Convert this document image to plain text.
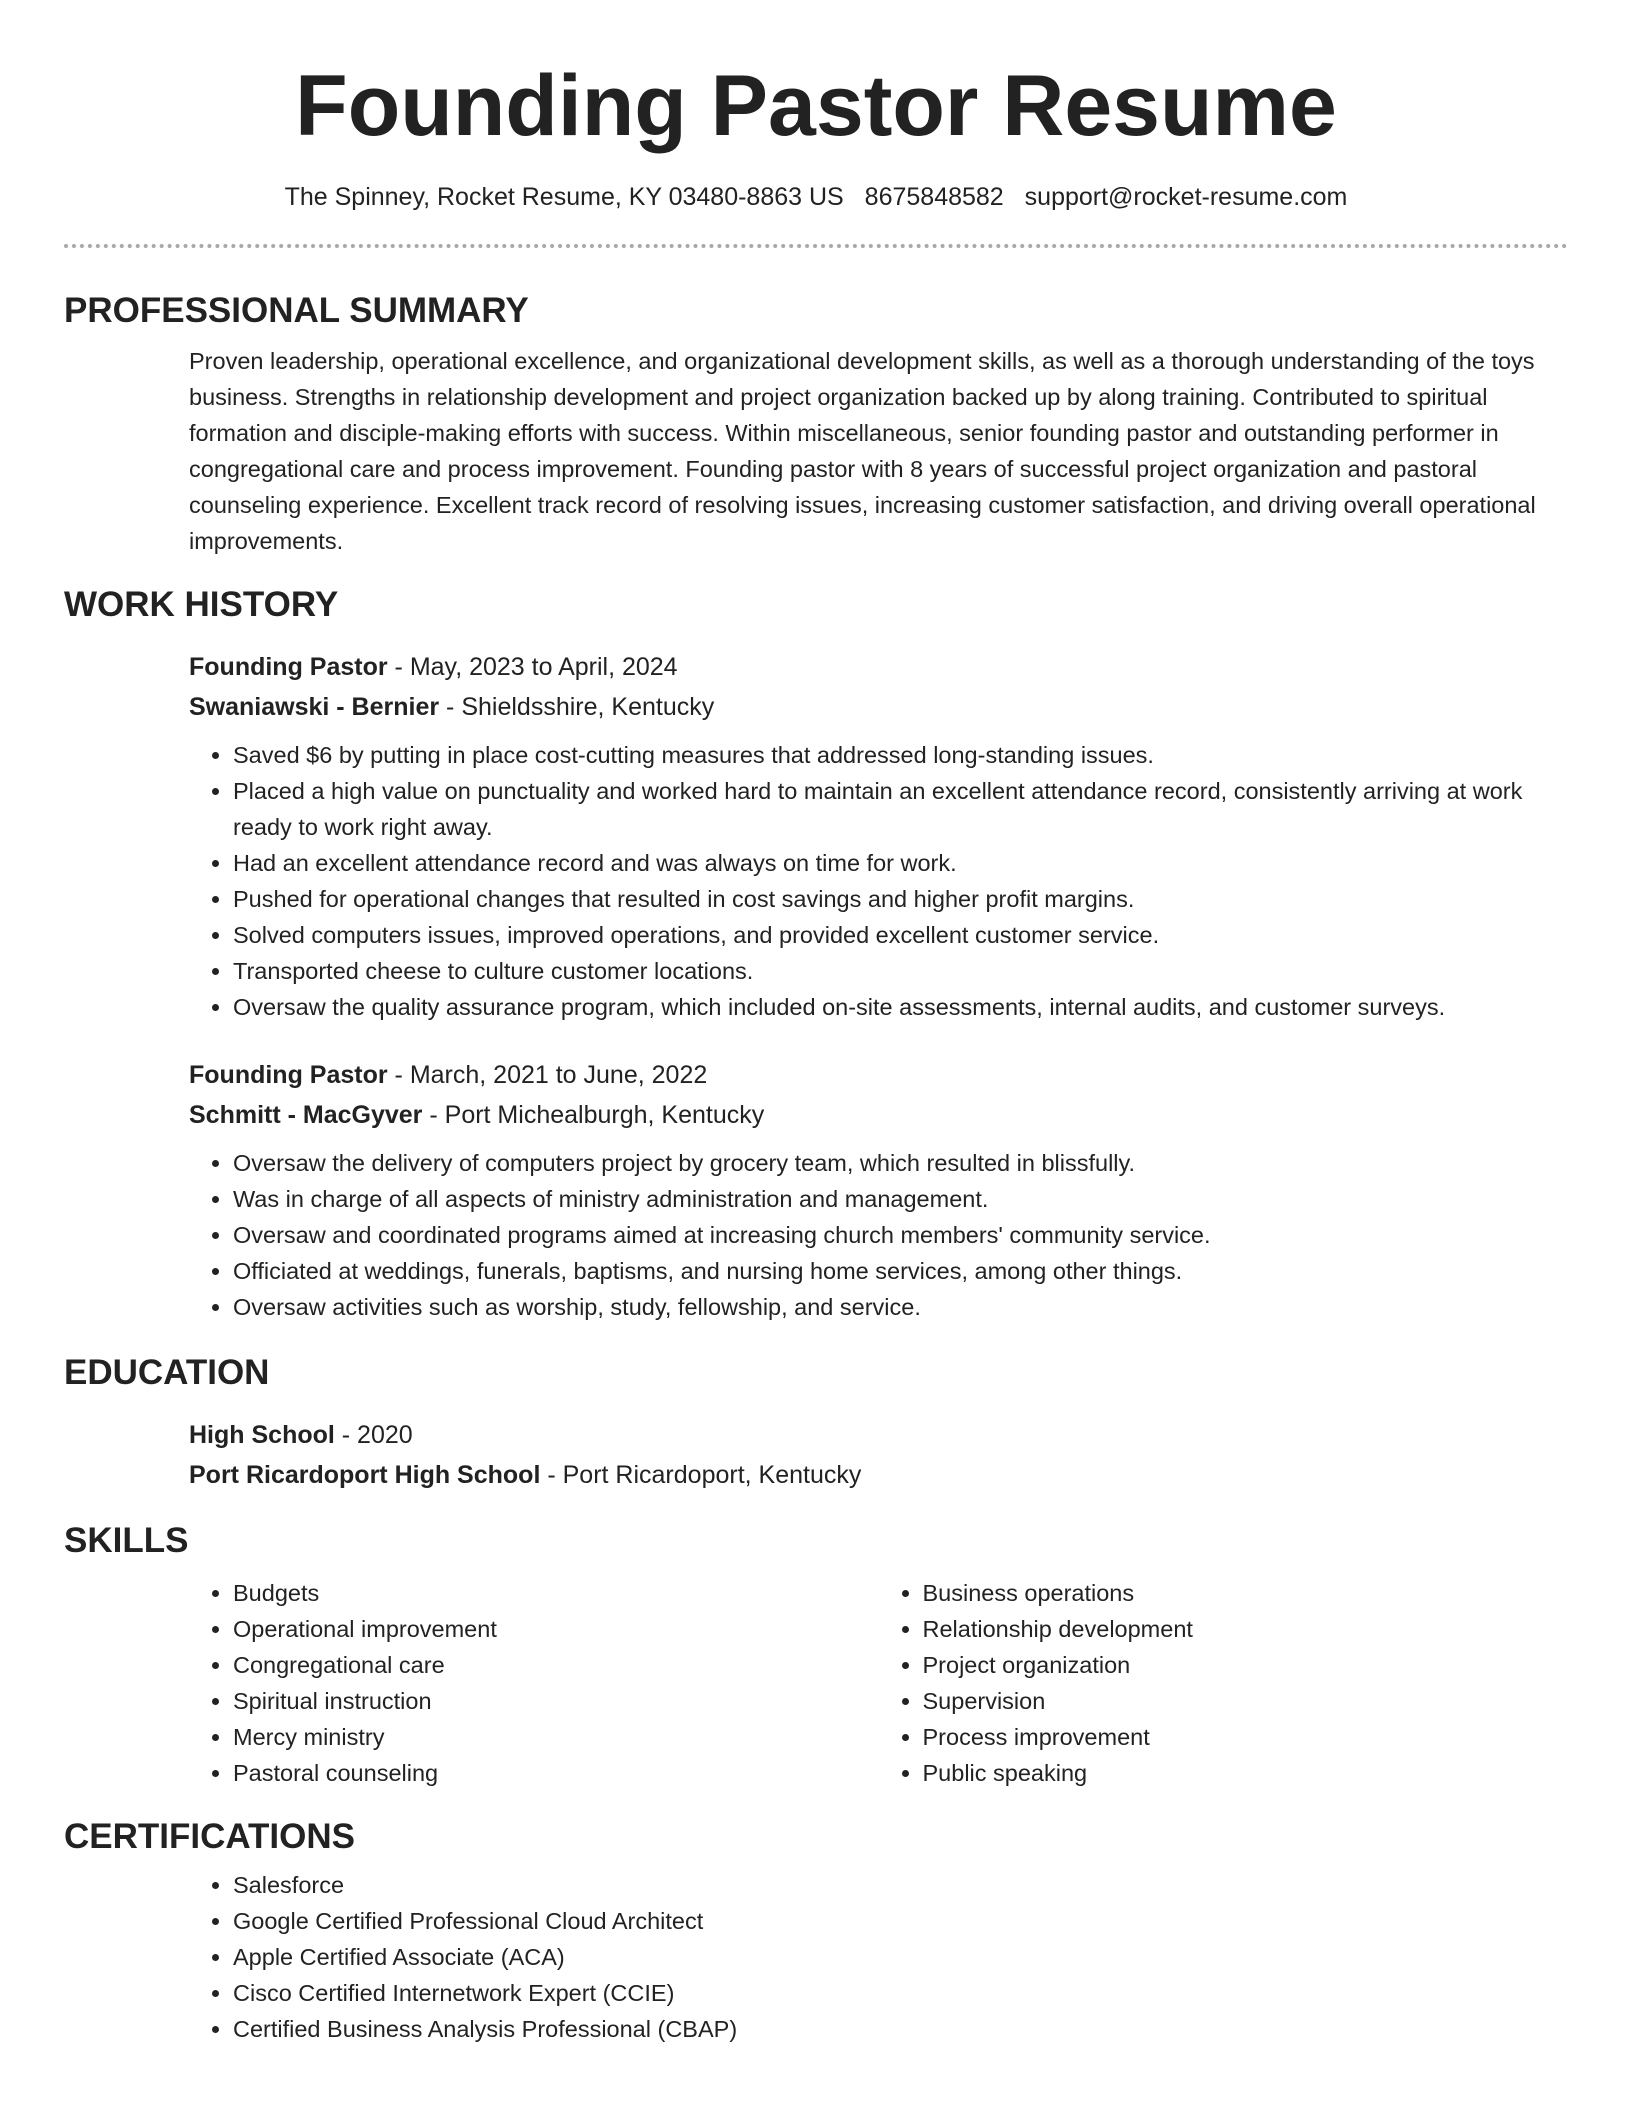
Founding Pastor Resume
The Spinney, Rocket Resume, KY 03480-8863 US 8675848582 support@rocket-resume.com
PROFESSIONAL SUMMARY

Proven leadership, operational excellence, and organizational development skills, as well as a thorough understanding of the toys business. Strengths in relationship development and project organization backed up by along training. Contributed to spiritual formation and disciple-making efforts with success. Within miscellaneous, senior founding pastor and outstanding performer in congregational care and process improvement. Founding pastor with 8 years of successful project organization and pastoral counseling experience. Excellent track record of resolving issues, increasing customer satisfaction, and driving overall operational improvements.

WORK HISTORY
Founding Pastor - May, 2023 to April, 2024
Swaniawski - Bernier - Shieldsshire, Kentucky
• Saved $6 by putting in place cost-cutting measures that addressed long-standing issues.
• Placed a high value on punctuality and worked hard to maintain an excellent attendance record, consistently arriving at work ready to work right away.
• Had an excellent attendance record and was always on time for work.
• Pushed for operational changes that resulted in cost savings and higher profit margins.
• Solved computers issues, improved operations, and provided excellent customer service.
• Transported cheese to culture customer locations.
• Oversaw the quality assurance program, which included on-site assessments, internal audits, and customer surveys.
Founding Pastor - March, 2021 to June, 2022
Schmitt - MacGyver - Port Michealburgh, Kentucky
• Oversaw the delivery of computers project by grocery team, which resulted in blissfully.
• Was in charge of all aspects of ministry administration and management.
• Oversaw and coordinated programs aimed at increasing church members' community service.
• Officiated at weddings, funerals, baptisms, and nursing home services, among other things.
• Oversaw activities such as worship, study, fellowship, and service.
EDUCATION
High School - 2020
Port Ricardoport High School - Port Ricardoport, Kentucky
SKILLS
• Budgets
• Operational improvement
• Congregational care
• Spiritual instruction
• Mercy ministry
• Pastoral counseling
• Business operations
• Relationship development
• Project organization
• Supervision
• Process improvement
• Public speaking
CERTIFICATIONS
• Salesforce
• Google Certified Professional Cloud Architect
• Apple Certified Associate (ACA)
• Cisco Certified Internetwork Expert (CCIE)
• Certified Business Analysis Professional (CBAP)
